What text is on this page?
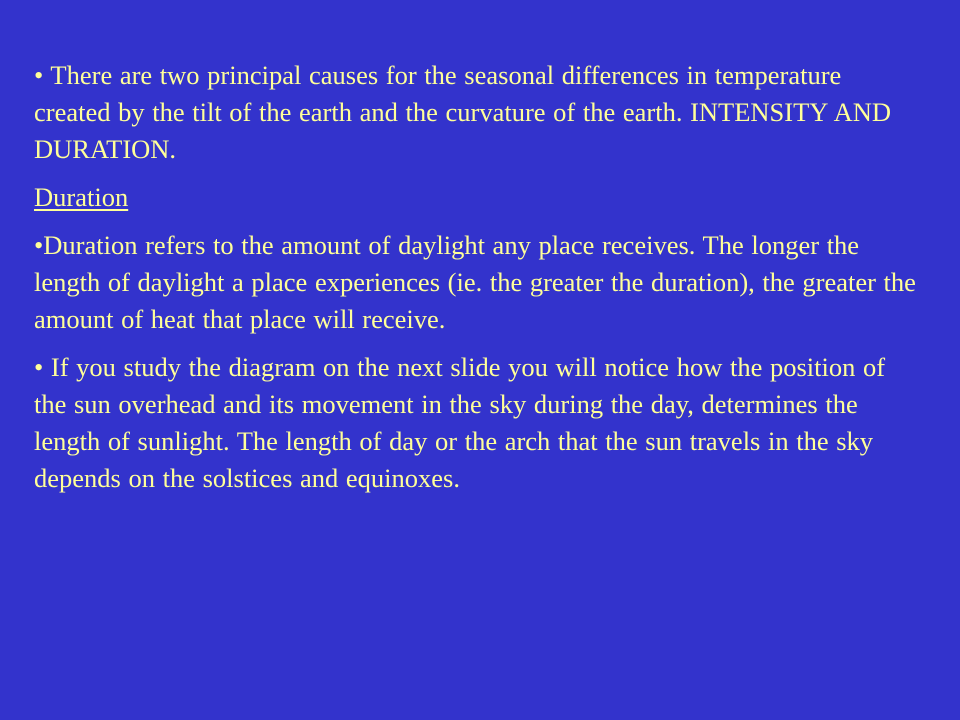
• There are two principal causes for the seasonal differences in temperature created by the tilt of the earth and the curvature of the earth. INTENSITY AND DURATION.

Duration

•Duration refers to the amount of daylight any place receives. The longer the length of daylight a place experiences (ie. the greater the duration), the greater the amount of heat that place will receive.

• If you study the diagram on the next slide you will notice how the position of the sun overhead and its movement in the sky during the day, determines the length of sunlight. The length of day or the arch that the sun travels in the sky depends on the solstices and equinoxes.
